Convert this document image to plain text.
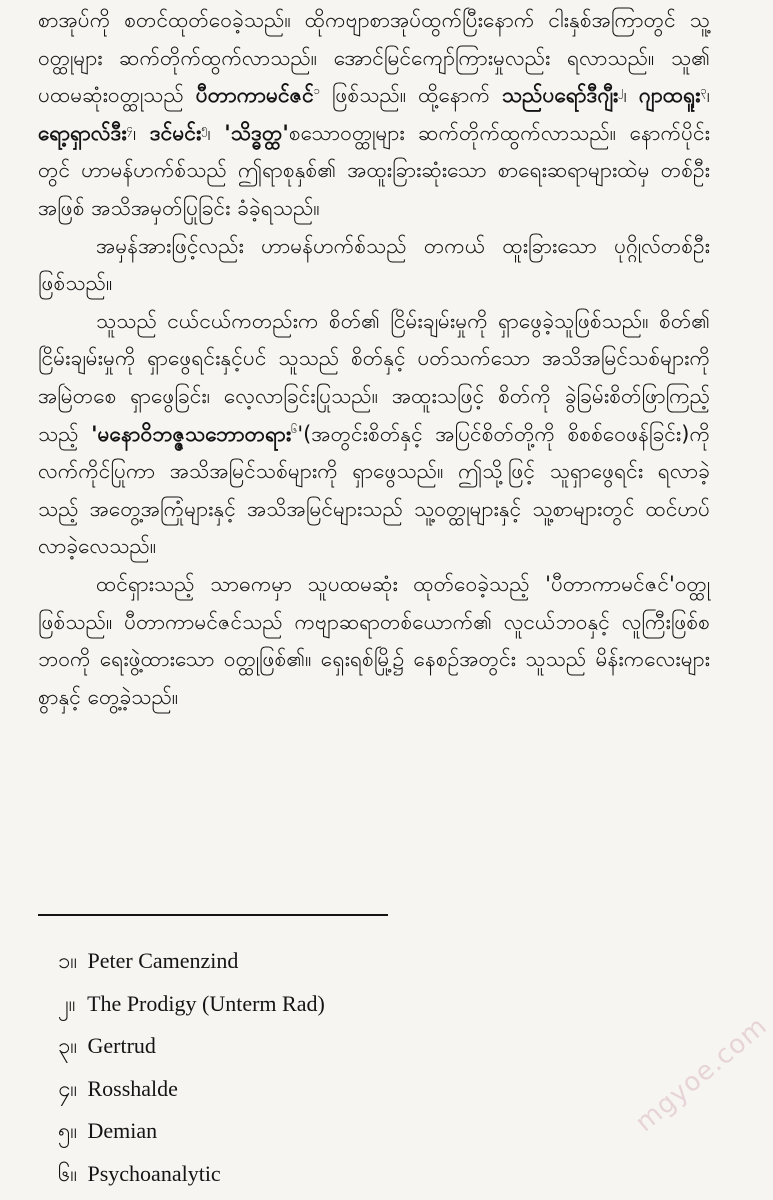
စာအုပ်ကို စတင်ထုတ်ဝေခဲ့သည်။ ထိုကဗျာစာအုပ်ထွက်ပြီးနောက် ငါးနှစ်အကြာတွင် သူ့ဝတ္ထုများ ဆက်တိုက်ထွက်လာသည်။ အောင်မြင်ကျော်ကြားမှုလည်း ရလာသည်။ သူ၏ ပထမဆုံးဝတ္ထုသည် ပီတာကာမင်ဇင်$^၁$ ဖြစ်သည်။ ထို့နောက် သည်ပရော်ဒီဂျီး$^၂$၊ ဂျာထရူး$^၃$၊ ရော့ရှာလ်ဒီး$^၄$၊ ဒင်မင်း$^၅$၊ 'သိဒ္ဓတ္ထ'စသောဝတ္ထုများ ဆက်တိုက်ထွက်လာသည်။ နောက်ပိုင်းတွင် ဟာမန်ဟက်စ်သည် ဤရာစုနှစ်၏ အထူးခြားဆုံးသော စာရေးဆရာများထဲမှ တစ်ဦးအဖြစ် အသိအမှတ်ပြုခြင်း ခံခဲ့ရသည်။

အမှန်အားဖြင့်လည်း ဟာမန်ဟက်စ်သည် တကယ် ထူးခြားသော ပုဂ္ဂိုလ်တစ်ဦး ဖြစ်သည်။

သူသည် ငယ်ငယ်ကတည်းက စိတ်၏ ငြိမ်းချမ်းမှုကို ရှာဖွေခဲ့သူဖြစ်သည်။ စိတ်၏ ငြိမ်းချမ်းမှုကို ရှာဖွေရင်းနှင့်ပင် သူသည် စိတ်နှင့် ပတ်သက်သော အသိအမြင်သစ်များကို အမြဲတစေ ရှာဖွေခြင်း၊ လေ့လာခြင်းပြုသည်။ အထူးသဖြင့် စိတ်ကို ခွဲခြမ်းစိတ်ဖြာကြည့်သည့် 'မနောဝိဘဇ္ဇသဘောတရား$^၆$'(အတွင်းစိတ်နှင့် အပြင်စိတ်တို့ကို စိစစ်ဝေဖန်ခြင်း)ကို လက်ကိုင်ပြုကာ အသိအမြင်သစ်များကို ရှာဖွေသည်။ ဤသို့ဖြင့် သူရှာဖွေရင်း ရလာခဲ့သည့် အတွေ့အကြုံများနှင့် အသိအမြင်များသည် သူ့ဝတ္ထုများနှင့် သူ့စာများတွင် ထင်ဟပ်လာခဲ့လေသည်။

ထင်ရှားသည့် သာဓကမှာ သူပထမဆုံး ထုတ်ဝေခဲ့သည့် 'ပီတာကာမင်ဇင်'ဝတ္ထု ဖြစ်သည်။ ပီတာကာမင်ဇင်သည် ကဗျာဆရာတစ်ယောက်၏ လူငယ်ဘဝနှင့် လူကြီးဖြစ်စ ဘဝကို ရေးဖွဲ့ထားသော ဝတ္ထုဖြစ်၏။ ရှေးရစ်မြို့၌ နေစဉ်အတွင်း သူသည် မိန်းကလေးများစွာနှင့် တွေ့ခဲ့သည်။

၁။ Peter Camenzind
၂။ The Prodigy (Unterm Rad)
၃။ Gertrud
၄။ Rosshalde
၅။ Demian
၆။ Psychoanalytic
mgyoe.com
